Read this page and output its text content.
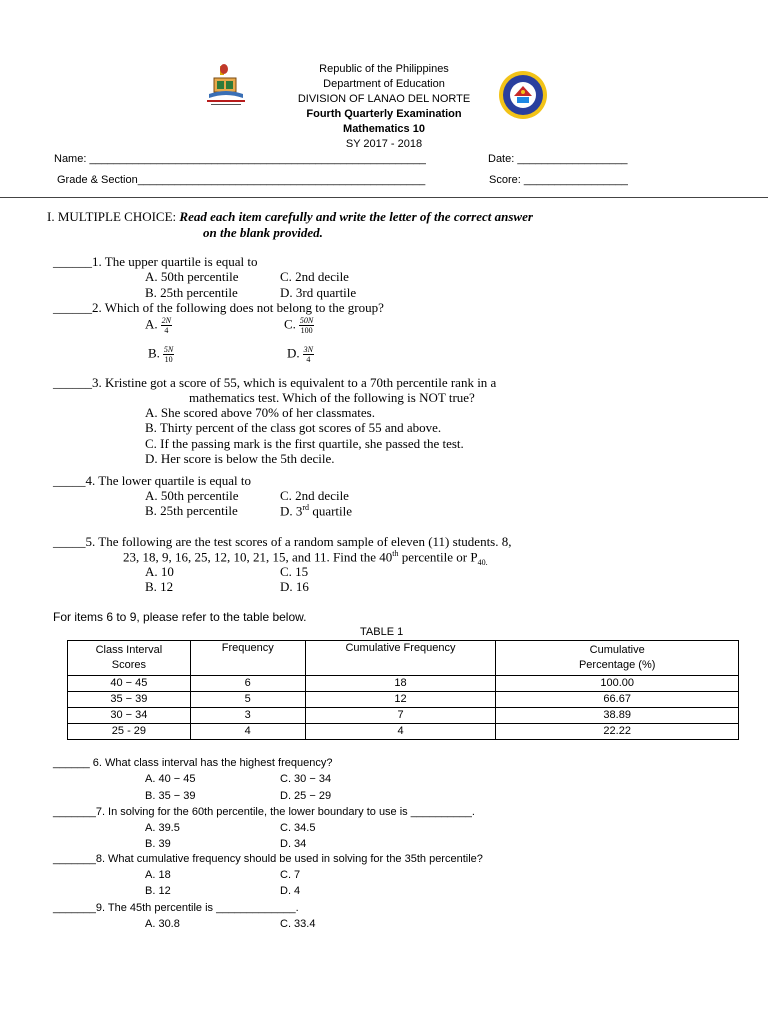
Republic of the Philippines
Department of Education
DIVISION OF LANAO DEL NORTE
Fourth Quarterly Examination
Mathematics 10
SY 2017 - 2018
Name: _______________________________________________________	Date: __________________
Grade & Section_______________________________________________	Score: _________________
I. MULTIPLE CHOICE: Read each item carefully and write the letter of the correct answer
on the blank provided.
______1. The upper quartile is equal to
A. 50th percentile	C. 2nd decile
B. 25th percentile	D. 3rd quartile
______2. Which of the following does not belong to the group?
A. $\frac{2N}{4}$	C. $\frac{50N}{100}$
B. $\frac{5N}{10}$	D. $\frac{3N}{4}$
______3. Kristine got a score of 55, which is equivalent to a 70th percentile rank in a
mathematics test. Which of the following is NOT true?
A. She scored above 70% of her classmates.
B. Thirty percent of the class got scores of 55 and above.
C. If the passing mark is the first quartile, she passed the test.
D. Her score is below the 5th decile.
_____4. The lower quartile is equal to
A. 50th percentile	C. 2nd decile
B. 25th percentile	D. 3rd quartile
_____5. The following are the test scores of a random sample of eleven (11) students. 8,
23, 18, 9, 16, 25, 12, 10, 21, 15, and 11. Find the 40th percentile or $P_{40.}$
A. 10	C. 15
B. 12	D. 16
For items 6 to 9, please refer to the table below.
TABLE 1
Class Interval
Scores	Frequency	Cumulative Frequency	Cumulative
Percentage (%)
40 − 45	6	18	100.00
35 − 39	5	12	66.67
30 − 34	3	7	38.89
25 - 29	4	4	22.22
______ 6. What class interval has the highest frequency?
A. 40 − 45	C. 30 − 34
B. 35 − 39	D. 25 − 29
_______7. In solving for the 60th percentile, the lower boundary to use is __________.
A. 39.5	C. 34.5
B. 39	D. 34
_______8. What cumulative frequency should be used in solving for the 35th percentile?
A. 18	C. 7
B. 12	D. 4
_______9. The 45th percentile is _____________.
A. 30.8	C. 33.4
